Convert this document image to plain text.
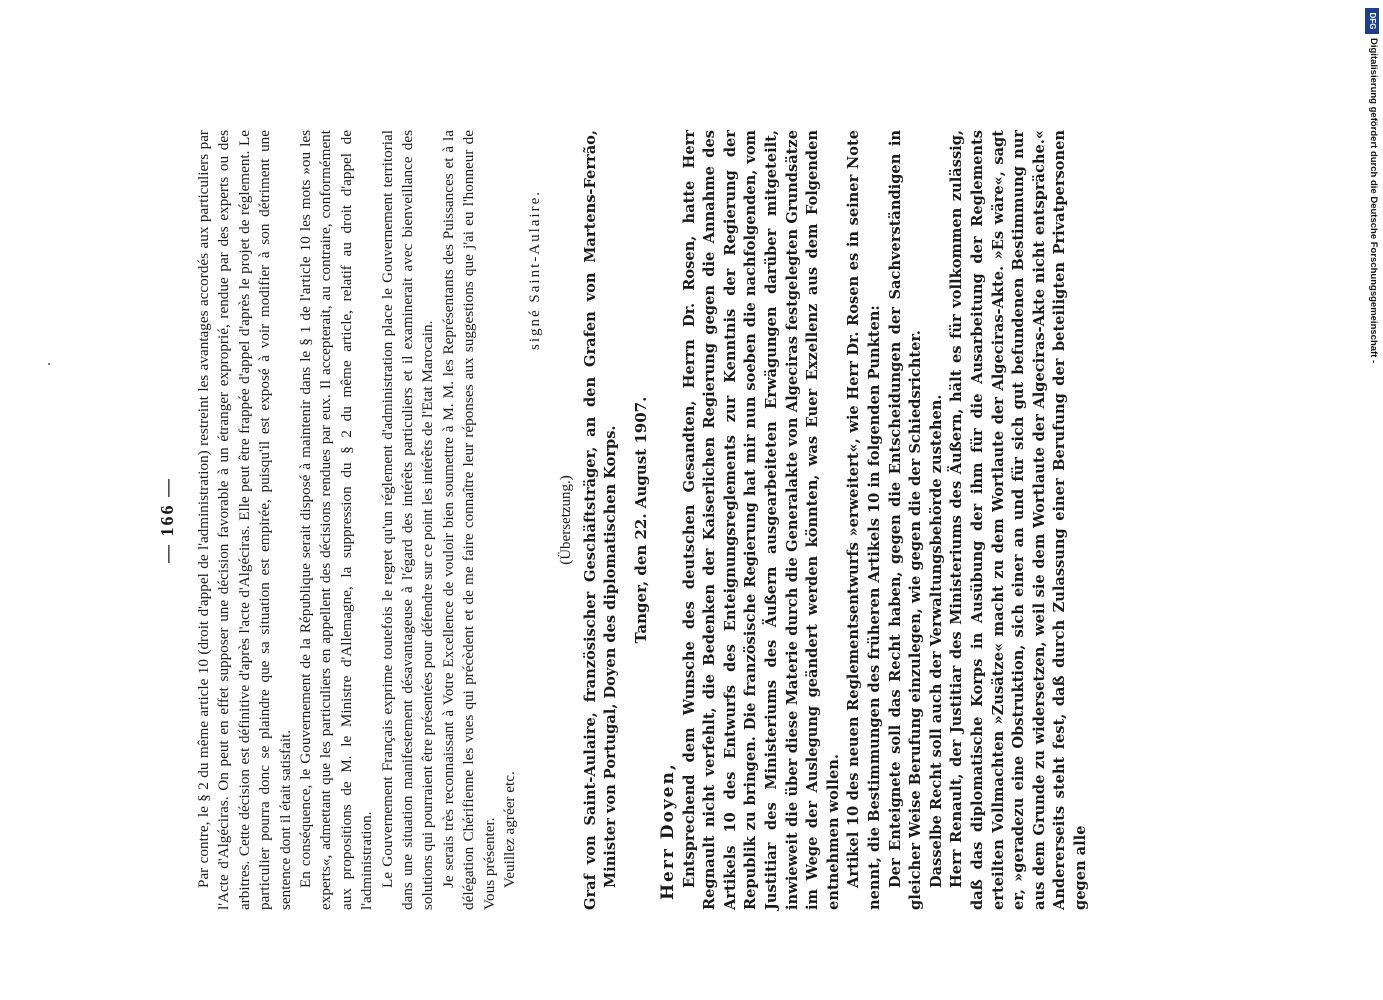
— 166 —	Par contre, le § 2 du même article 10 (droit d'appel de l'administration) restreint les avantages accordés aux particuliers par l'Acte d'Algéciras. On peut en effet supposer une décision favorable à un étranger exproprié, rendue par des experts ou des arbitres. Cette décision est définitive d'après l'acte d'Algéciras. Elle peut être frappée d'appel d'après le projet de réglement. Le particulier pourra donc se plaindre que sa situation est empirée, puisqu'il est exposé à voir modifier à son détriment une sentence dont il était satisfait. En conséquence, le Gouvernement de la République serait disposé à maintenir dans le § 1 de l'article 10 les mots »ou les experts«, admettant que les particuliers en appellent des décisions rendues par eux. Il accepterait, au contraire, conformément aux propositions de M. le Ministre d'Allemagne, la suppression du § 2 du même article, relatif au droit d'appel de l'administration. Le Gouvernement Français exprime toutefois le regret qu'un réglement d'administration place le Gouvernement territorial dans une situation manifestement désavantageuse à l'égard des intérêts particuliers et il examinerait avec bienveillance des solutions qui pourraient être présentées pour défendre sur ce point les intérêts de l'Etat Marocain. Je serais très reconnaissant à Votre Excellence de vouloir bien soumettre à M. M. les Représentants des Puissances et à la délégation Chérifienne les vues qui précèdent et de me faire connaître leur réponses aux suggestions que j'ai eu l'honneur de Vous présenter. Veuillez agréer etc.

signé Saint-Aulaire.
(Übersetzung.) Graf von Saint-Aulaire, französischer Geschäftsträger, an den Grafen von Martens-Ferrão, Minister von Portugal, Doyen des diplomatischen Korps. Tanger, den 22. August 1907.
Herr Doyen, Entsprechend dem Wunsche des deutschen Gesandten, Herrn Dr. Rosen, hatte Herr Regnault nicht verfehlt, die Bedenken der Kaiserlichen Regierung gegen die Annahme des Artikels 10 des Entwurfs des Enteignungsreglements zur Kenntnis der Regierung der Republik zu bringen. Die französische Regierung hat mir nun soeben die nachfolgenden, vom Justitiar des Ministeriums des Äußern ausgearbeiteten Erwägungen darüber mitgeteilt, inwieweit die über diese Materie durch die Generalakte von Algeciras festgelegten Grundsätze im Wege der Auslegung geändert werden könnten, was Euer Exzellenz aus dem Folgenden entnehmen wollen. Artikel 10 des neuen Reglementsentwurfs »erweitert«, wie Herr Dr. Rosen es in seiner Note nennt, die Bestimmungen des früheren Artikels 10 in folgenden Punkten: Der Enteignete soll das Recht haben, gegen die Entscheidungen der Sachverständigen in gleicher Weise Berufung einzulegen, wie gegen die der Schiedsrichter. Dasselbe Recht soll auch der Verwaltungsbehörde zustehen. Herr Renault, der Justitiar des Ministeriums des Äußern, hält es für vollkommen zulässig, daß das diplomatische Korps in Ausübung der ihm für die Ausarbeitung der Reglements erteilten Vollmachten »Zusätze« macht zu dem Wortlaute der Algeciras-Akte. »Es wäre«, sagt er, »geradezu eine Obstruktion, sich einer an und für sich gut befundenen Bestimmung nur aus dem Grunde zu widersetzen, weil sie dem Wortlaute der Algeciras-Akte nicht entspräche.« Andererseits steht fest, daß durch Zulassung einer Berufung der beteiligten Privatpersonen gegen alle

DFG
Digitalisierung gefördert durch die Deutsche Forschungsgemeinschaft -
